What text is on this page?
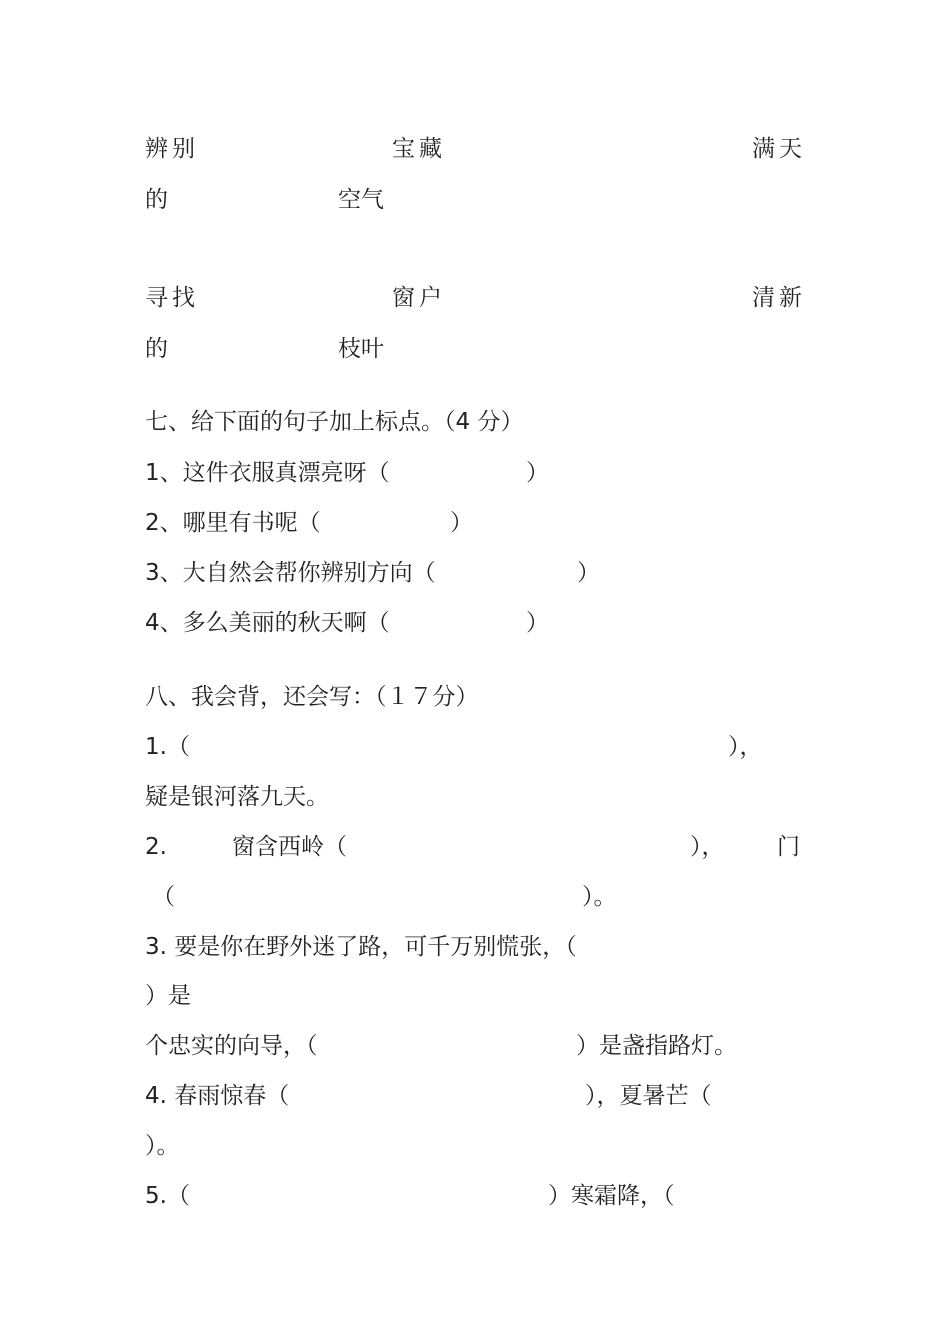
辨别	宝藏	满天
的	空气
寻找	窗户	清新
的	枝叶
七、给下面的句子加上标点。（4 分）
1、这件衣服真漂亮呀（	）
2、哪里有书呢（	）
3、大自然会帮你辨别方向（	）
4、多么美丽的秋天啊（	）
八、我会背，还会写：（１７分）
1.（	），
疑是银河落九天。
2.	窗含西岭（	）， 门
（	）。
3. 要是你在野外迷了路，可千万别慌张，（
）是
个忠实的向导，（	）是盏指路灯。
4. 春雨惊春（	），夏暑芒（
）。
5.（	）寒霜降，（
